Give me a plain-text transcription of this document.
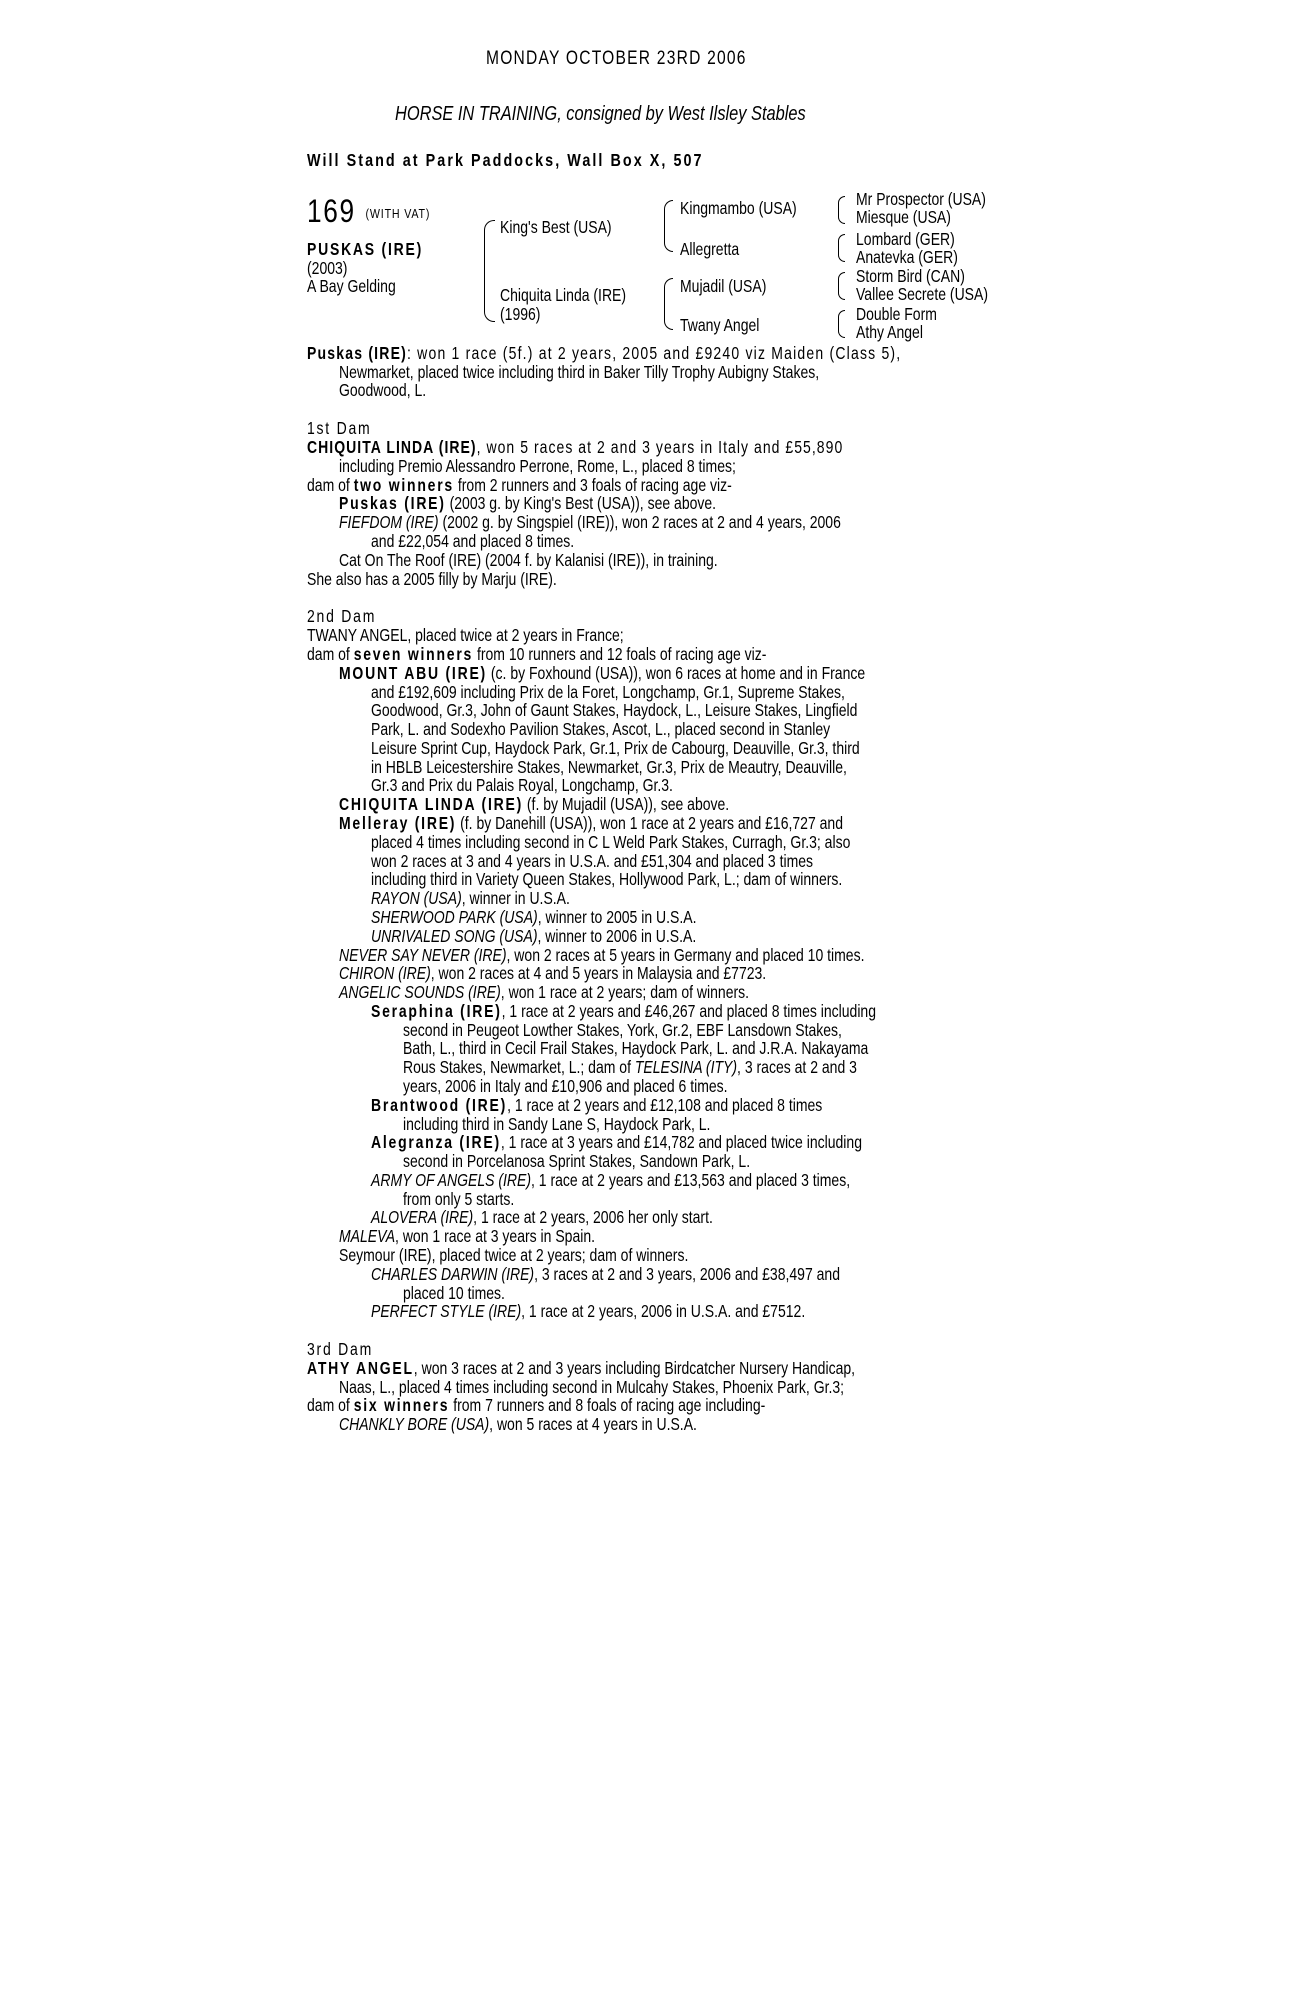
MONDAY OCTOBER 23RD 2006
HORSE IN TRAINING, consigned by West Ilsley Stables
Will Stand at Park Paddocks, Wall Box X, 507
169 (WITH VAT)
PUSKAS (IRE)
(2003)
A Bay Gelding
King's Best (USA)
Chiquita Linda (IRE)
(1996)
Kingmambo (USA)
Allegretta
Mujadil (USA)
Twany Angel
Mr Prospector (USA)
Miesque (USA)
Lombard (GER)
Anatevka (GER)
Storm Bird (CAN)
Vallee Secrete (USA)
Double Form
Athy Angel
Puskas (IRE): won 1 race (5f.) at 2 years, 2005 and £9240 viz Maiden (Class 5),
Newmarket, placed twice including third in Baker Tilly Trophy Aubigny Stakes,
Goodwood, L.
1st Dam
CHIQUITA LINDA (IRE), won 5 races at 2 and 3 years in Italy and £55,890
including Premio Alessandro Perrone, Rome, L., placed 8 times;
dam of two winners from 2 runners and 3 foals of racing age viz-
Puskas (IRE) (2003 g. by King's Best (USA)), see above.
FIEFDOM (IRE) (2002 g. by Singspiel (IRE)), won 2 races at 2 and 4 years, 2006
and £22,054 and placed 8 times.
Cat On The Roof (IRE) (2004 f. by Kalanisi (IRE)), in training.
She also has a 2005 filly by Marju (IRE).
2nd Dam
TWANY ANGEL, placed twice at 2 years in France;
dam of seven winners from 10 runners and 12 foals of racing age viz-
MOUNT ABU (IRE) (c. by Foxhound (USA)), won 6 races at home and in France
and £192,609 including Prix de la Foret, Longchamp, Gr.1, Supreme Stakes,
Goodwood, Gr.3, John of Gaunt Stakes, Haydock, L., Leisure Stakes, Lingfield
Park, L. and Sodexho Pavilion Stakes, Ascot, L., placed second in Stanley
Leisure Sprint Cup, Haydock Park, Gr.1, Prix de Cabourg, Deauville, Gr.3, third
in HBLB Leicestershire Stakes, Newmarket, Gr.3, Prix de Meautry, Deauville,
Gr.3 and Prix du Palais Royal, Longchamp, Gr.3.
CHIQUITA LINDA (IRE) (f. by Mujadil (USA)), see above.
Melleray (IRE) (f. by Danehill (USA)), won 1 race at 2 years and £16,727 and
placed 4 times including second in C L Weld Park Stakes, Curragh, Gr.3; also
won 2 races at 3 and 4 years in U.S.A. and £51,304 and placed 3 times
including third in Variety Queen Stakes, Hollywood Park, L.; dam of winners.
RAYON (USA), winner in U.S.A.
SHERWOOD PARK (USA), winner to 2005 in U.S.A.
UNRIVALED SONG (USA), winner to 2006 in U.S.A.
NEVER SAY NEVER (IRE), won 2 races at 5 years in Germany and placed 10 times.
CHIRON (IRE), won 2 races at 4 and 5 years in Malaysia and £7723.
ANGELIC SOUNDS (IRE), won 1 race at 2 years; dam of winners.
Seraphina (IRE), 1 race at 2 years and £46,267 and placed 8 times including
second in Peugeot Lowther Stakes, York, Gr.2, EBF Lansdown Stakes,
Bath, L., third in Cecil Frail Stakes, Haydock Park, L. and J.R.A. Nakayama
Rous Stakes, Newmarket, L.; dam of TELESINA (ITY), 3 races at 2 and 3
years, 2006 in Italy and £10,906 and placed 6 times.
Brantwood (IRE), 1 race at 2 years and £12,108 and placed 8 times
including third in Sandy Lane S, Haydock Park, L.
Alegranza (IRE), 1 race at 3 years and £14,782 and placed twice including
second in Porcelanosa Sprint Stakes, Sandown Park, L.
ARMY OF ANGELS (IRE), 1 race at 2 years and £13,563 and placed 3 times,
from only 5 starts.
ALOVERA (IRE), 1 race at 2 years, 2006 her only start.
MALEVA, won 1 race at 3 years in Spain.
Seymour (IRE), placed twice at 2 years; dam of winners.
CHARLES DARWIN (IRE), 3 races at 2 and 3 years, 2006 and £38,497 and
placed 10 times.
PERFECT STYLE (IRE), 1 race at 2 years, 2006 in U.S.A. and £7512.
3rd Dam
ATHY ANGEL, won 3 races at 2 and 3 years including Birdcatcher Nursery Handicap,
Naas, L., placed 4 times including second in Mulcahy Stakes, Phoenix Park, Gr.3;
dam of six winners from 7 runners and 8 foals of racing age including-
CHANKLY BORE (USA), won 5 races at 4 years in U.S.A.
